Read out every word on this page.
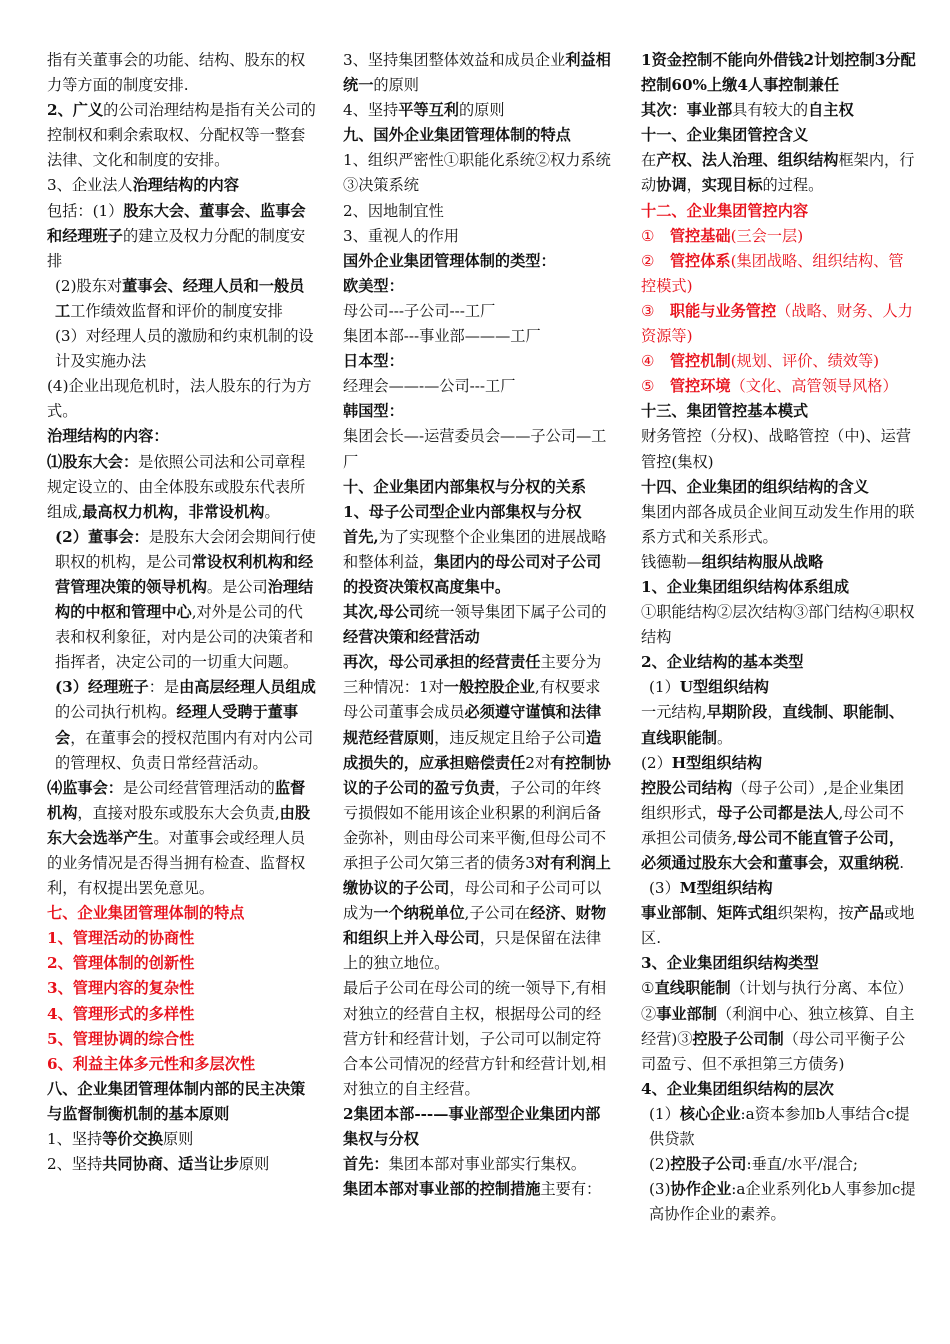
指有关董事会的功能、结构、股东的权力等方面的制度安排.

2、广义的公司治理结构是指有关公司的控制权和剩余索取权、分配权等一整套法律、文化和制度的安排。

3、企业法人治理结构的内容

包括：(1）股东大会、董事会、监事会和经理班子的建立及权力分配的制度安排

(2)股东对董事会、经理人员和一般员工工作绩效监督和评价的制度安排

(3）对经理人员的激励和约束机制的设计及实施办法

(4)企业出现危机时，法人股东的行为方式。

治理结构的内容：

⑴股东大会：是依照公司法和公司章程规定设立的、由全体股东或股东代表所组成,最高权力机构，非常设机构。

(2）董事会：是股东大会闭会期间行使职权的机构，是公司常设权利机构和经营管理决策的领导机构。是公司治理结构的中枢和管理中心,对外是公司的代表和权利象征，对内是公司的决策者和指挥者，决定公司的一切重大问题。

(3）经理班子：是由高层经理人员组成的公司执行机构。经理人受聘于董事会，在董事会的授权范围内有对内公司的管理权、负责日常经营活动。

⑷监事会：是公司经营管理活动的监督机构，直接对股东或股东大会负责,由股东大会选举产生。对董事会或经理人员的业务情况是否得当拥有检查、监督权利，有权提出罢免意见。

七、企业集团管理体制的特点

1、管理活动的协商性

2、管理体制的创新性

3、管理内容的复杂性

4、管理形式的多样性

5、管理协调的综合性

6、利益主体多元性和多层次性

八、企业集团管理体制内部的民主决策与监督制衡机制的基本原则

1、坚持等价交换原则

2、坚持共同协商、适当让步原则

3、坚持集团整体效益和成员企业利益相统一的原则

4、坚持平等互利的原则

九、国外企业集团管理体制的特点

1、组织严密性①职能化系统②权力系统③决策系统

2、因地制宜性

3、重视人的作用

国外企业集团管理体制的类型：

欧美型：

母公司---子公司---工厂

集团本部---事业部———工厂

日本型：

经理会——-—公司---工厂

韩国型：

集团会长—-运营委员会——子公司—工厂

十、企业集团内部集权与分权的关系

1、母子公司型企业内部集权与分权

首先,为了实现整个企业集团的进展战略和整体利益，集团内的母公司对子公司的投资决策权高度集中。

其次,母公司统一领导集团下属子公司的经营决策和经营活动

再次，母公司承担的经营责任主要分为三种情况：1对一般控股企业,有权要求母公司董事会成员必须遵守谨慎和法律规范经营原则，违反规定且给子公司造成损失的，应承担赔偿责任2对有控制协议的子公司的盈亏负责，子公司的年终亏损假如不能用该企业积累的利润后备金弥补，则由母公司来平衡,但母公司不承担子公司欠第三者的债务3对有利润上缴协议的子公司，母公司和子公司可以成为一个纳税单位,子公司在经济、财物和组织上并入母公司，只是保留在法律上的独立地位。

最后子公司在母公司的统一领导下,有相对独立的经营自主权，根据母公司的经营方针和经营计划，子公司可以制定符合本公司情况的经营方针和经营计划,相对独立的自主经营。

2集团本部---—事业部型企业集团内部集权与分权

首先：集团本部对事业部实行集权。

集团本部对事业部的控制措施主要有：

1资金控制不能向外借钱2计划控制3分配控制60%上缴4人事控制兼任

其次：事业部具有较大的自主权

十一、企业集团管控含义

在产权、法人治理、组织结构框架内，行动协调，实现目标的过程。

十二、企业集团管控内容

①　管控基础(三会一层)

②　管控体系(集团战略、组织结构、管控模式)

③　职能与业务管控（战略、财务、人力资源等)

④　管控机制(规划、评价、绩效等)

⑤　管控环境（文化、高管领导风格）

十三、集团管控基本模式

财务管控（分权)、战略管控（中)、运营管控(集权)

十四、企业集团的组织结构的含义

集团内部各成员企业间互动发生作用的联系方式和关系形式。

钱德勒—组织结构服从战略

1、企业集团组织结构体系组成

①职能结构②层次结构③部门结构④职权结构

2、企业结构的基本类型

(1）U型组织结构

一元结构,早期阶段，直线制、职能制、直线职能制。

(2）H型组织结构

控股公司结构（母子公司）,是企业集团组织形式，母子公司都是法人,母公司不承担公司债务,母公司不能直管子公司，必须通过股东大会和董事会，双重纳税.

(3）M型组织结构

事业部制、矩阵式组织架构，按产品或地区.

3、企业集团组织结构类型

①直线职能制（计划与执行分离、本位）②事业部制（利润中心、独立核算、自主经营)③控股子公司制（母公司平衡子公司盈亏、但不承担第三方债务)

4、企业集团组织结构的层次

(1）核心企业:a资本参加b人事结合c提供贷款

(2)控股子公司:垂直/水平/混合;

(3)协作企业:a企业系列化b人事参加c提高协作企业的素养。
